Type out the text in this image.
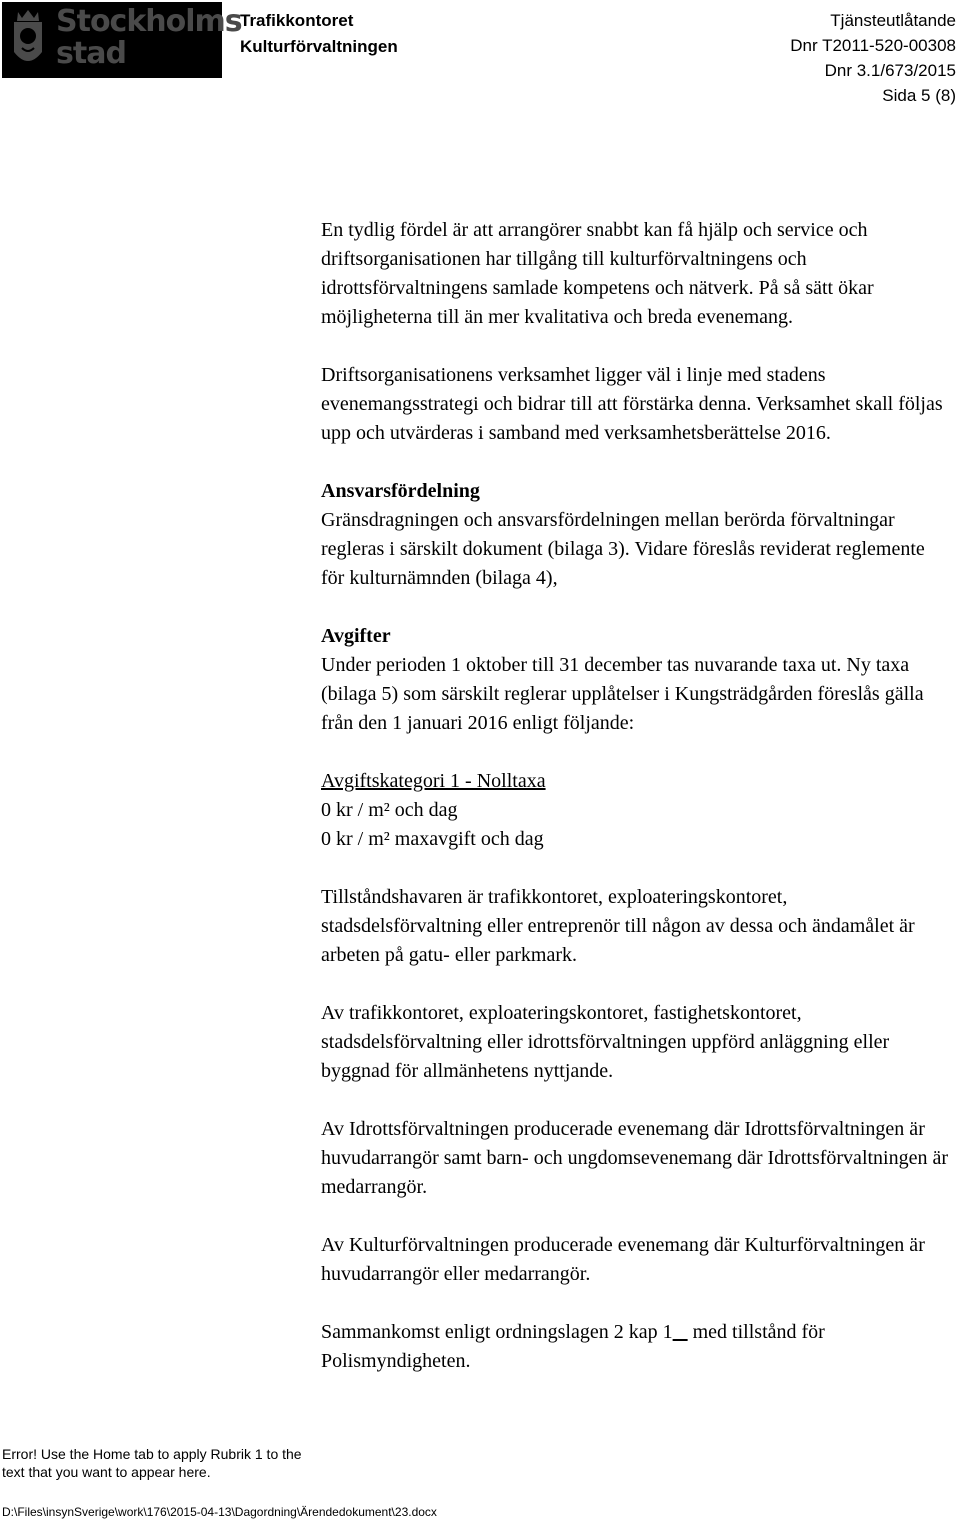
Stockholms
stad
Trafikkontoret
Kulturförvaltningen
Tjänsteutlåtande
Dnr T2011-520-00308
Dnr 3.1/673/2015
Sida 5 (8)

En tydlig fördel är att arrangörer snabbt kan få hjälp och service och driftsorganisationen har tillgång till kulturförvaltningens och idrottsförvaltningens samlade kompetens och nätverk. På så sätt ökar möjligheterna till än mer kvalitativa och breda evenemang.

Driftsorganisationens verksamhet ligger väl i linje med stadens evenemangsstrategi och bidrar till att förstärka denna. Verksamhet skall följas upp och utvärderas i samband med verksamhetsberättelse 2016.

Ansvarsfördelning

Gränsdragningen och ansvarsfördelningen mellan berörda förvaltningar regleras i särskilt dokument (bilaga 3). Vidare föreslås reviderat reglemente för kulturnämnden (bilaga 4),

Avgifter

Under perioden 1 oktober till 31 december tas nuvarande taxa ut. Ny taxa (bilaga 5) som särskilt reglerar upplåtelser i Kungsträdgården föreslås gälla från den 1 januari 2016 enligt följande:

Avgiftskategori 1 - Nolltaxa
0 kr / m² och dag

0 kr / m² maxavgift och dag

Tillståndshavaren är trafikkontoret, exploateringskontoret, stadsdelsförvaltning eller entreprenör till någon av dessa och ändamålet är arbeten på gatu- eller parkmark.

Av trafikkontoret, exploateringskontoret, fastighetskontoret, stadsdelsförvaltning eller idrottsförvaltningen uppförd anläggning eller byggnad för allmänhetens nyttjande.

Av Idrottsförvaltningen producerade evenemang där Idrottsförvaltningen är huvudarrangör samt barn- och ungdomsevenemang där Idrottsförvaltningen är medarrangör.

Av Kulturförvaltningen producerade evenemang där Kulturförvaltningen är huvudarrangör eller medarrangör.

Sammankomst enligt ordningslagen 2 kap 1    med tillstånd för Polismyndigheten.

Error! Use the Home tab to apply Rubrik 1 to the text that you want to appear here.
D:\Files\insynSverige\work\176\2015-04-13\Dagordning\Ärendedokument\23.docx
